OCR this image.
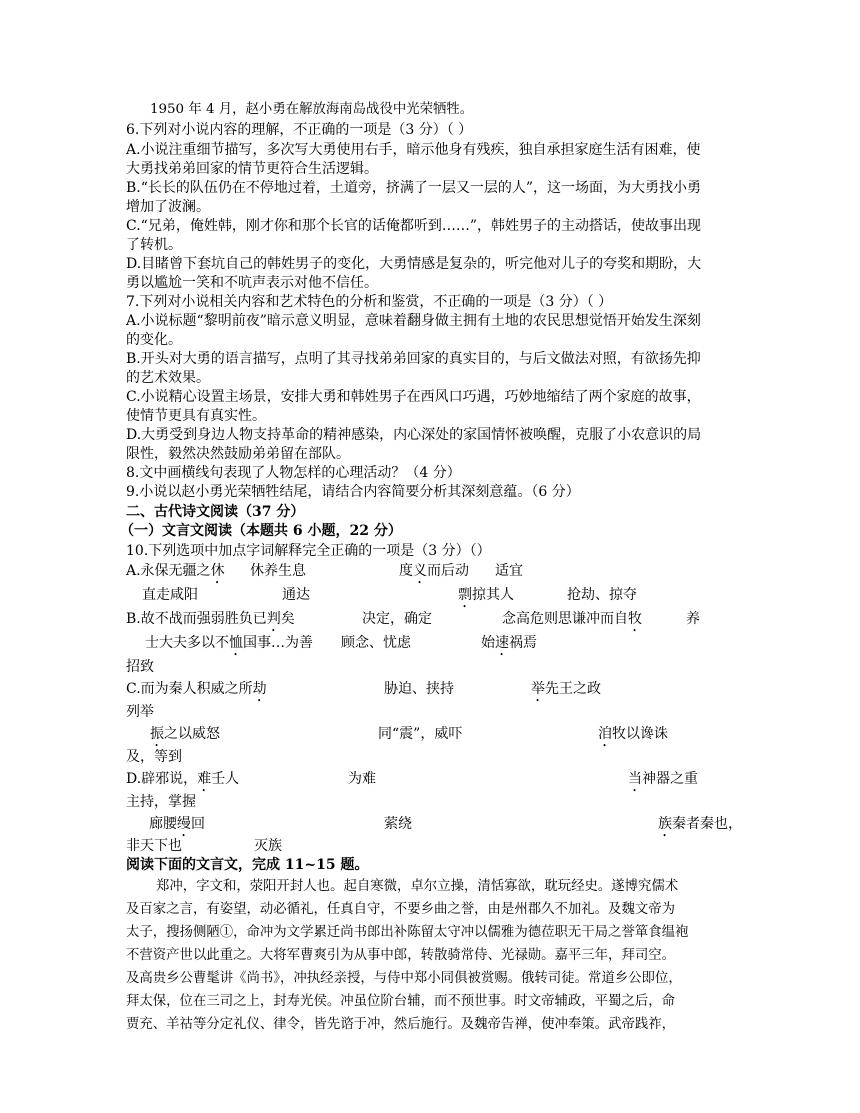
1950 年 4 月，赵小勇在解放海南岛战役中光荣牺牲。
6.下列对小说内容的理解，不正确的一项是（3 分）（ ）
A.小说注重细节描写，多次写大勇使用右手，暗示他身有残疾，独自承担家庭生活有困难，使
大勇找弟弟回家的情节更符合生活逻辑。
B.“长长的队伍仍在不停地过着，土道旁，挤满了一层又一层的人”，这一场面，为大勇找小勇
增加了波澜。
C.“兄弟，俺姓韩，刚才你和那个长官的话俺都听到……”，韩姓男子的主动搭话，使故事出现
了转机。
D.目睹曾下套坑自己的韩姓男子的变化，大勇情感是复杂的，听完他对儿子的夸奖和期盼，大
勇以尴尬一笑和不吭声表示对他不信任。
7.下列对小说相关内容和艺术特色的分析和鉴赏，不正确的一项是（3 分）（ ）
A.小说标题“黎明前夜”暗示意义明显，意味着翻身做主拥有土地的农民思想觉悟开始发生深刻
的变化。
B.开头对大勇的语言描写，点明了其寻找弟弟回家的真实目的，与后文做法对照，有欲扬先抑
的艺术效果。
C.小说精心设置主场景，安排大勇和韩姓男子在西风口巧遇，巧妙地缩结了两个家庭的故事，
使情节更具有真实性。
D.大勇受到身边人物支持革命的精神感染，内心深处的家国情怀被唤醒，克服了小农意识的局
限性，毅然决然鼓励弟弟留在部队。
8.文中画横线句表现了人物怎样的心理活动？（4 分）
9.小说以赵小勇光荣牺牲结尾，请结合内容简要分析其深刻意蕴。（6 分）
二、古代诗文阅读（37 分）
（一）文言文阅读（本题共 6 小题，22 分）
10.下列选项中加点字词解释完全正确的一项是（3 分）（）
A.永保无疆之休 休养生息	度义而后动 适宜
直走咸阳	通达	剽掠其人	抢劫、掠夺
B.故不战而强弱胜负已判矣	决定，确定	念高危则思谦冲而自牧	养
士大夫多以不恤国事…为善 顾念、忧虑	始速祸焉
招致
C.而为秦人积威之所劫	胁迫、挟持	举先王之政
列举
振之以威怒	同“震”，威吓	洎牧以谗诛
及，等到
D.辟邪说，难壬人	为难	当神器之重
主持，掌握
廊腰缦回	萦绕	族秦者秦也，
非天下也	灭族
阅读下面的文言文，完成 11~15 题。
郑冲，字文和，荥阳开封人也。起自寒微，卓尔立操，清恬寡欲，耽玩经史。遂博究儒术
及百家之言，有姿望，动必循礼，任真自守，不要乡曲之誉，由是州郡久不加礼。及魏文帝为
太子，搜扬侧陋①，命冲为文学累迁尚书郎出补陈留太守冲以儒雅为德莅职无干局之誉箪食缊袍
不营资产世以此重之。大将军曹爽引为从事中郎，转散骑常侍、光禄勋。嘉平三年，拜司空。
及高贵乡公曹髦讲《尚书》，冲执经亲授，与侍中郑小同俱被赏赐。俄转司徒。常道乡公即位，
拜太保，位在三司之上，封寿光侯。冲虽位阶台辅，而不预世事。时文帝辅政，平蜀之后，命
贾充、羊祜等分定礼仪、律令，皆先谘于冲，然后施行。及魏帝告禅，使冲奉策。武帝践祚，
